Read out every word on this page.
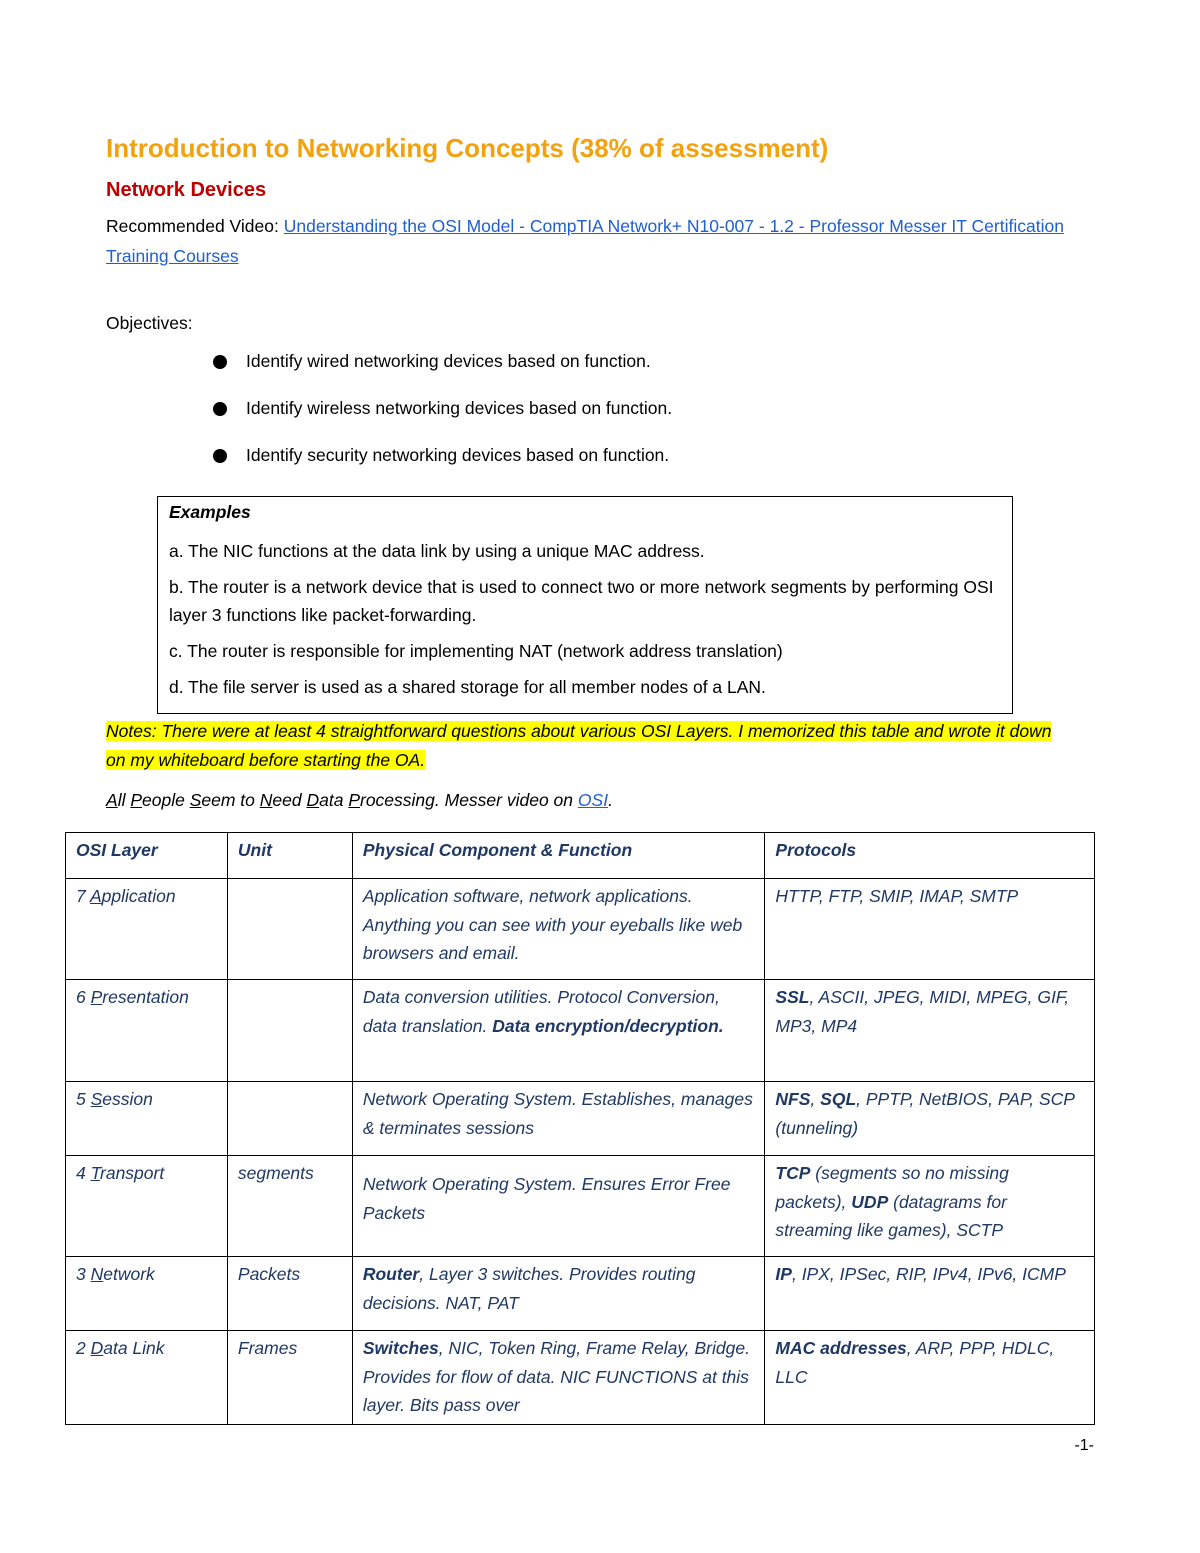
Introduction to Networking Concepts (38% of assessment)
Network Devices
Recommended Video: Understanding the OSI Model - CompTIA Network+ N10-007 - 1.2 - Professor Messer IT Certification Training Courses
Objectives:
Identify wired networking devices based on function.
Identify wireless networking devices based on function.
Identify security networking devices based on function.
Examples
a. The NIC functions at the data link by using a unique MAC address.
b. The router is a network device that is used to connect two or more network segments by performing OSI layer 3 functions like packet-forwarding.
c. The router is responsible for implementing NAT (network address translation)
d. The file server is used as a shared storage for all member nodes of a LAN.
Notes: There were at least 4 straightforward questions about various OSI Layers. I memorized this table and wrote it down on my whiteboard before starting the OA.
All People Seem to Need Data Processing. Messer video on OSI.
OSI Layer	Unit	Physical Component & Function	Protocols
7 Application		Application software, network applications. Anything you can see with your eyeballs like web browsers and email.	HTTP, FTP, SMIP, IMAP, SMTP
6 Presentation		Data conversion utilities. Protocol Conversion, data translation. Data encryption/decryption.	SSL, ASCII, JPEG, MIDI, MPEG, GIF, MP3, MP4
5 Session		Network Operating System. Establishes, manages & terminates sessions	NFS, SQL, PPTP, NetBIOS, PAP, SCP (tunneling)
4 Transport	segments	Network Operating System. Ensures Error Free Packets	TCP (segments so no missing packets), UDP (datagrams for streaming like games), SCTP
3 Network	Packets	Router, Layer 3 switches. Provides routing decisions. NAT, PAT	IP, IPX, IPSec, RIP, IPv4, IPv6, ICMP
2 Data Link	Frames	Switches, NIC, Token Ring, Frame Relay, Bridge. Provides for flow of data. NIC FUNCTIONS at this layer. Bits pass over	MAC addresses, ARP, PPP, HDLC, LLC
-1-
